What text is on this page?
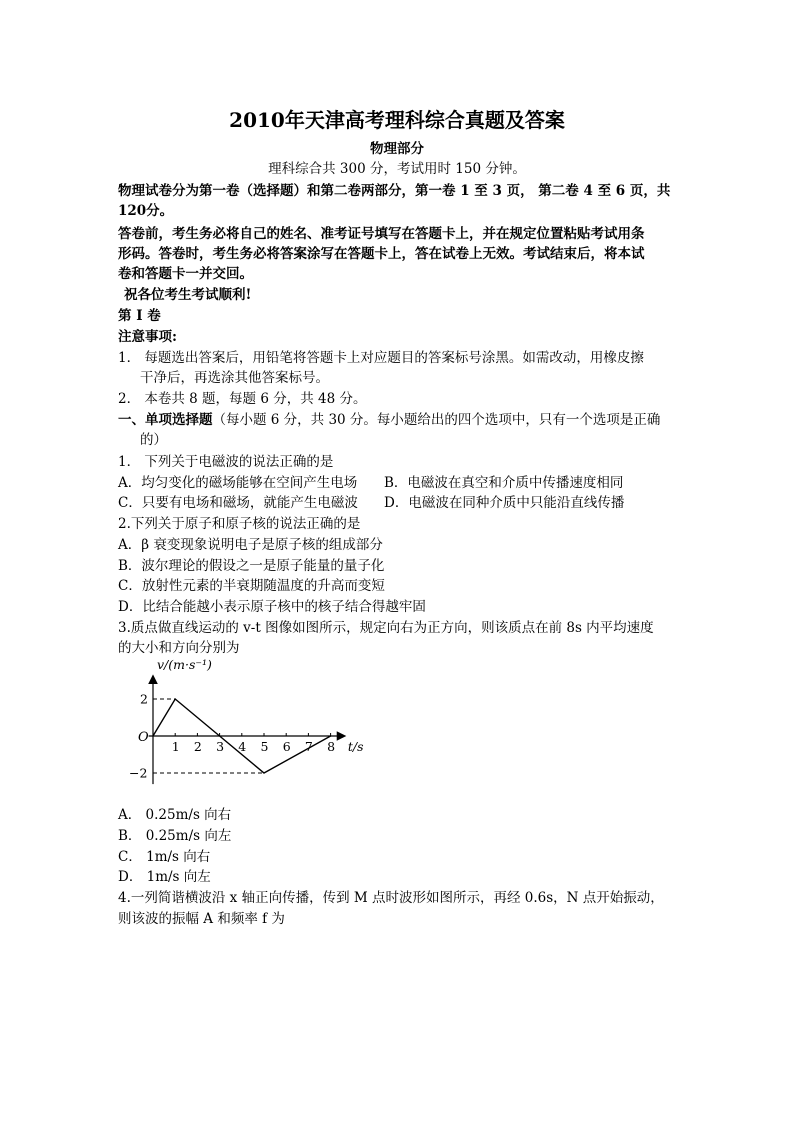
2010年天津高考理科综合真题及答案
物理部分
理科综合共 300 分，考试用时 150 分钟。
物理试卷分为第一卷（选择题）和第二卷两部分，第一卷 1 至 3 页， 第二卷 4 至 6 页，共
120分。
答卷前，考生务必将自己的姓名、准考证号填写在答题卡上，并在规定位置粘贴考试用条
形码。答卷时，考生务必将答案涂写在答题卡上，答在试卷上无效。考试结束后，将本试
卷和答题卡一并交回。
祝各位考生考试顺利!
第 I 卷
注意事项:
1． 每题选出答案后，用铅笔将答题卡上对应题目的答案标号涂黑。如需改动，用橡皮擦
干净后，再选涂其他答案标号。
2． 本卷共 8 题，每题 6 分，共 48 分。
一、单项选择题（每小题 6 分，共 30 分。每小题给出的四个选项中，只有一个选项是正确
的）
1． 下列关于电磁波的说法正确的是
A．均匀变化的磁场能够在空间产生电场 B．电磁波在真空和介质中传播速度相同
C．只要有电场和磁场，就能产生电磁波 D．电磁波在同种介质中只能沿直线传播
2.下列关于原子和原子核的说法正确的是
A．β 衰变现象说明电子是原子核的组成部分
B．波尔理论的假设之一是原子能量的量子化
C．放射性元素的半衰期随温度的升高而变短
D．比结合能越小表示原子核中的核子结合得越牢固
3.质点做直线运动的 v-t 图像如图所示，规定向右为正方向，则该质点在前 8s 内平均速度
的大小和方向分别为
1 2 3 4 5 6 7 8
2
−2
v/(m·s⁻¹)
t/s
O
A． 0.25m/s 向右
B． 0.25m/s 向左
C． 1m/s 向右
D． 1m/s 向左
4.一列简谐横波沿 x 轴正向传播，传到 M 点时波形如图所示，再经 0.6s，N 点开始振动，
则该波的振幅 A 和频率 f 为
